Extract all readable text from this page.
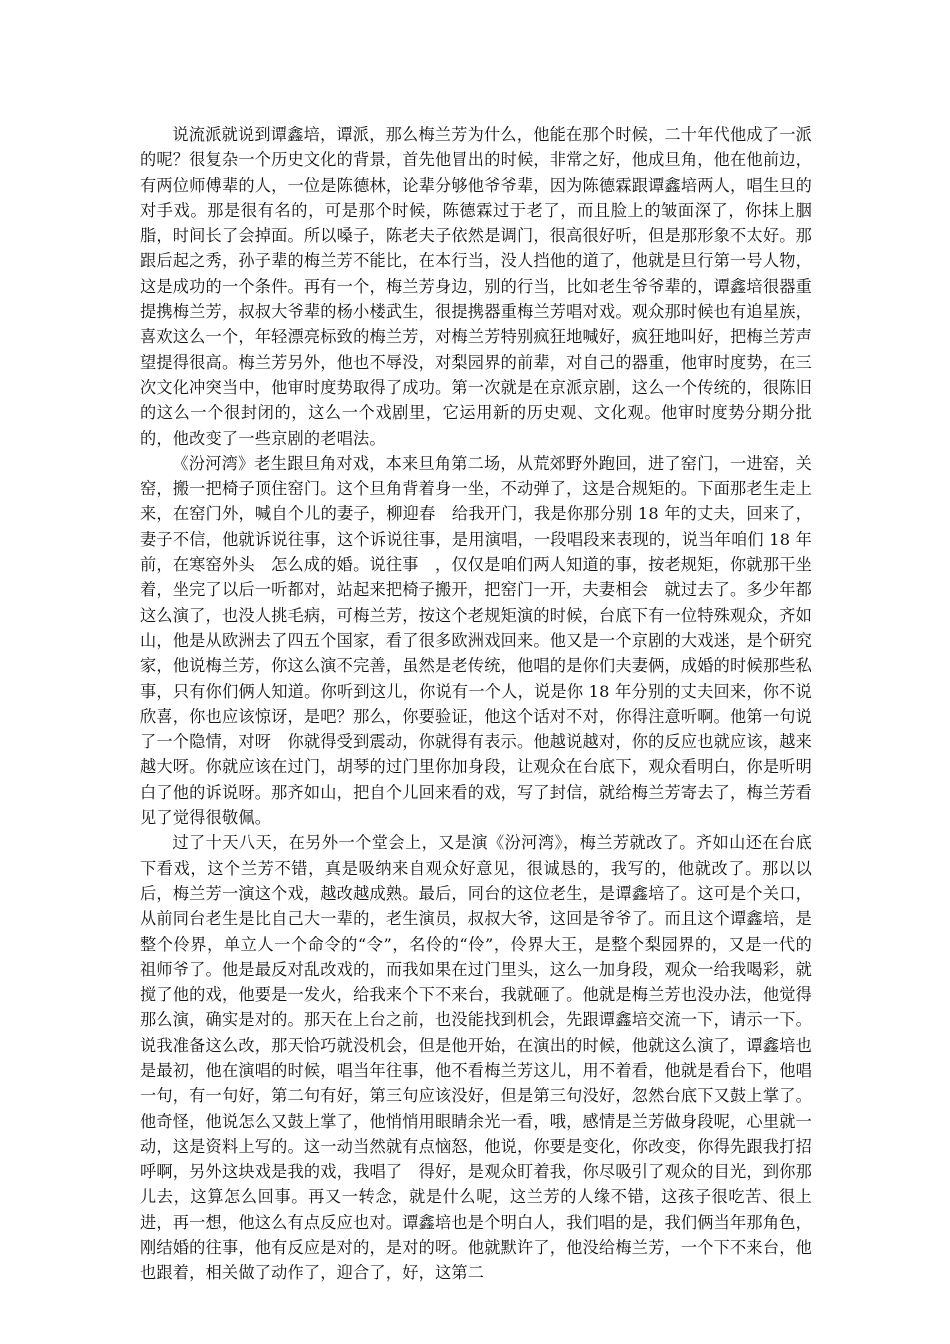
说流派就说到谭鑫培，谭派，那么梅兰芳为什么，他能在那个时候，二十年代他成了一派的呢？很复杂一个历史文化的背景，首先他冒出的时候，非常之好，他成旦角，他在他前边，有两位师傅辈的人，一位是陈德林，论辈分够他爷爷辈，因为陈德霖跟谭鑫培两人，唱生旦的对手戏。那是很有名的，可是那个时候，陈德霖过于老了，而且脸上的皱面深了，你抹上胭脂，时间长了会掉面。所以嗓子，陈老夫子依然是调门，很高很好听，但是那形象不太好。那跟后起之秀，孙子辈的梅兰芳不能比，在本行当，没人挡他的道了，他就是旦行第一号人物，这是成功的一个条件。再有一个，梅兰芳身边，别的行当，比如老生爷爷辈的，谭鑫培很器重提携梅兰芳，叔叔大爷辈的杨小楼武生，很提携器重梅兰芳唱对戏。观众那时候也有追星族，喜欢这么一个，年轻漂亮标致的梅兰芳，对梅兰芳特别疯狂地喊好，疯狂地叫好，把梅兰芳声望提得很高。梅兰芳另外，他也不辱没，对梨园界的前辈，对自己的器重，他审时度势，在三次文化冲突当中，他审时度势取得了成功。第一次就是在京派京剧，这么一个传统的，很陈旧的这么一个很封闭的，这么一个戏剧里，它运用新的历史观、文化观。他审时度势分期分批的，他改变了一些京剧的老唱法。

《汾河湾》老生跟旦角对戏，本来旦角第二场，从荒郊野外跑回，进了窑门，一进窑，关窑，搬一把椅子顶住窑门。这个旦角背着身一坐，不动弹了，这是合规矩的。下面那老生走上来，在窑门外，喊自个儿的妻子，柳迎春　给我开门，我是你那分别 18 年的丈夫，回来了，妻子不信，他就诉说往事，这个诉说往事，是用演唱，一段唱段来表现的，说当年咱们 18 年前，在寒窑外头　怎么成的婚。说往事　，仅仅是咱们两人知道的事，按老规矩，你就那干坐着，坐完了以后一听都对，站起来把椅子搬开，把窑门一开，夫妻相会　就过去了。多少年都这么演了，也没人挑毛病，可梅兰芳，按这个老规矩演的时候，台底下有一位特殊观众，齐如山，他是从欧洲去了四五个国家，看了很多欧洲戏回来。他又是一个京剧的大戏迷，是个研究家，他说梅兰芳，你这么演不完善，虽然是老传统，他唱的是你们夫妻俩，成婚的时候那些私事，只有你们俩人知道。你听到这儿，你说有一个人，说是你 18 年分别的丈夫回来，你不说欣喜，你也应该惊讶，是吧？那么，你要验证，他这个话对不对，你得注意听啊。他第一句说了一个隐情，对呀　你就得受到震动，你就得有表示。他越说越对，你的反应也就应该，越来越大呀。你就应该在过门，胡琴的过门里你加身段，让观众在台底下，观众看明白，你是听明白了他的诉说呀。那齐如山，把自个儿回来看的戏，写了封信，就给梅兰芳寄去了，梅兰芳看见了觉得很敬佩。

过了十天八天，在另外一个堂会上，又是演《汾河湾》，梅兰芳就改了。齐如山还在台底下看戏，这个兰芳不错，真是吸纳来自观众好意见，很诚恳的，我写的，他就改了。那以以后，梅兰芳一演这个戏，越改越成熟。最后，同台的这位老生，是谭鑫培了。这可是个关口，从前同台老生是比自己大一辈的，老生演员，叔叔大爷，这回是爷爷了。而且这个谭鑫培，是整个伶界，单立人一个命令的“令”，名伶的“伶”，伶界大王，是整个梨园界的，又是一代的祖师爷了。他是最反对乱改戏的，而我如果在过门里头，这么一加身段，观众一给我喝彩，就搅了他的戏，他要是一发火，给我来个下不来台，我就砸了。他就是梅兰芳也没办法，他觉得那么演，确实是对的。那天在上台之前，也没能找到机会，先跟谭鑫培交流一下，请示一下。说我准备这么改，那天恰巧就没机会，但是他开始，在演出的时候，他就这么演了，谭鑫培也是最初，他在演唱的时候，唱当年往事，他不看梅兰芳这儿，用不着看，他就是看台下，他唱一句，有一句好，第二句有好，第三句应该没好，但是第三句没好，忽然台底下又鼓上掌了。他奇怪，他说怎么又鼓上掌了，他悄悄用眼睛余光一看，哦，感情是兰芳做身段呢，心里就一动，这是资料上写的。这一动当然就有点恼怒，他说，你要是变化，你改变，你得先跟我打招呼啊，另外这块戏是我的戏，我唱了　得好，是观众盯着我，你尽吸引了观众的目光，到你那儿去，这算怎么回事。再又一转念，就是什么呢，这兰芳的人缘不错，这孩子很吃苦、很上进，再一想，他这么有点反应也对。谭鑫培也是个明白人，我们唱的是，我们俩当年那角色，刚结婚的往事，他有反应是对的，是对的呀。他就默许了，他没给梅兰芳，一个下不来台，他也跟着，相关做了动作了，迎合了，好，这第二
